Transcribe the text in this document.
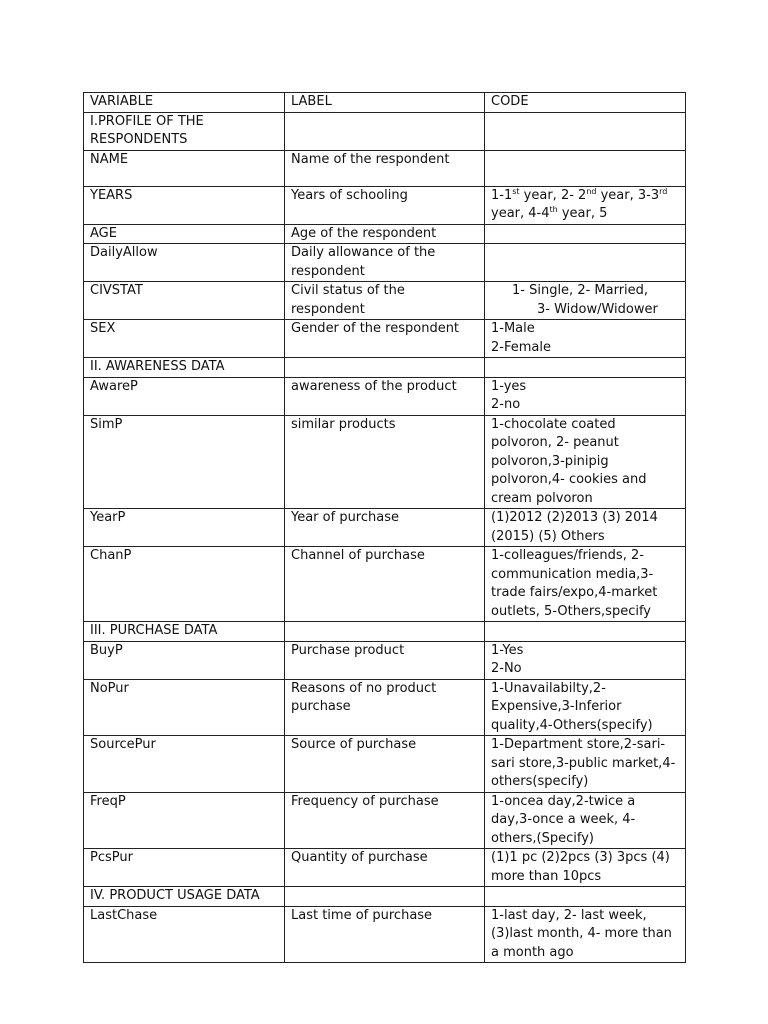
VARIABLE	LABEL	CODE
I.PROFILE OF THE RESPONDENTS		
NAME	Name of the respondent	
YEARS	Years of schooling	1-1st year, 2- 2nd year, 3-3rd year, 4-4th year, 5
AGE	Age of the respondent	
DailyAllow	Daily allowance of the respondent	
CIVSTAT	Civil status of the respondent	1- Single, 2- Married,
3- Widow/Widower

SEX	Gender of the respondent	1-Male
2-Female

II. AWARENESS DATA		
AwareP	awareness of the product	1-yes
2-no

SimP	similar products	1-chocolate coated polvoron, 2- peanut polvoron,3-pinipig polvoron,4- cookies and cream polvoron
YearP	Year of purchase	(1)2012 (2)2013 (3) 2014 (2015) (5) Others
ChanP	Channel of purchase	1-colleagues/friends, 2-communication media,3-trade fairs/expo,4-market outlets, 5-Others,specify
III. PURCHASE DATA		
BuyP	Purchase product	1-Yes
2-No

NoPur	Reasons of no product purchase	1-Unavailabilty,2-Expensive,3-Inferior quality,4-Others(specify)
SourcePur	Source of purchase	1-Department store,2-sari-sari store,3-public market,4-others(specify)
FreqP	Frequency of purchase	1-oncea day,2-twice a day,3-once a week, 4-others,(Specify)
PcsPur	Quantity of purchase	(1)1 pc (2)2pcs (3) 3pcs (4) more than 10pcs
IV. PRODUCT USAGE DATA		
LastChase	Last time of purchase	1-last day, 2- last week, (3)last month, 4- more than a month ago
